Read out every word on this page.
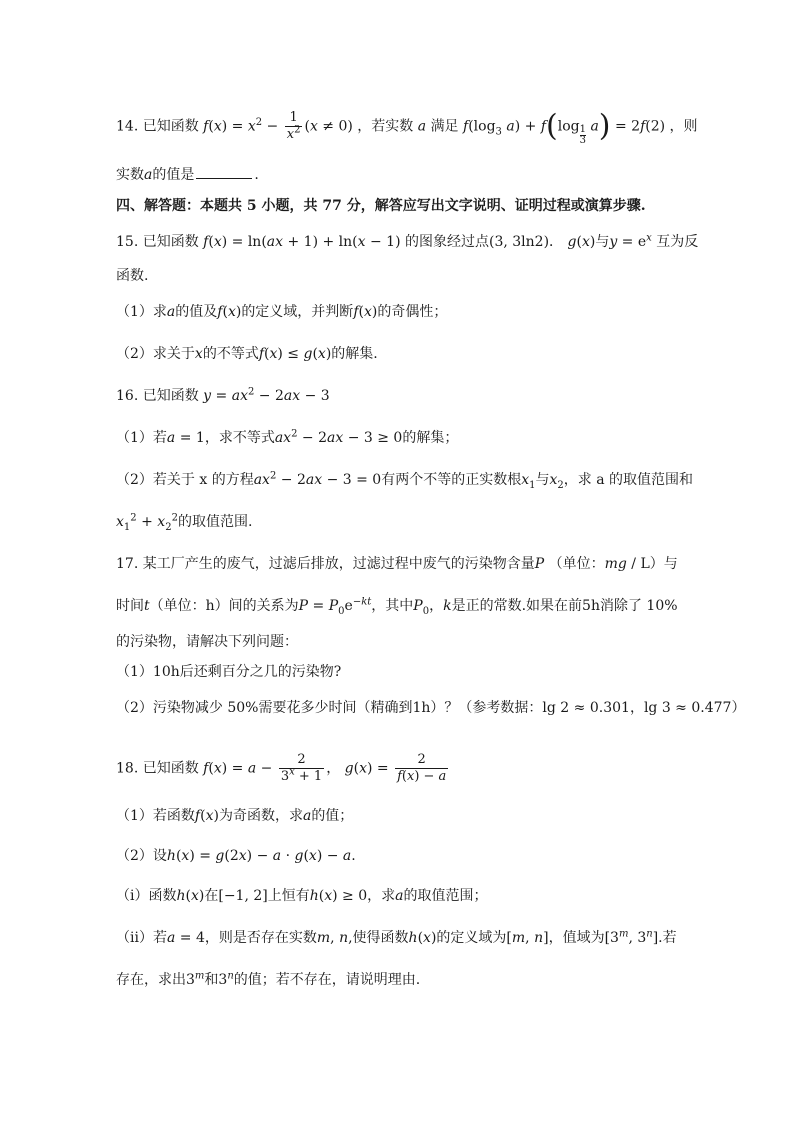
14. 已知函数 $f(x) = x^2 - \frac{1}{x^2} (x \ne 0)$ ，若实数 a 满足 $f(\log_3$ $a) + f(\log \frac{1}{3} a) = 2f(2)$ ，则
实数a的值是	.
四、解答题：本题共 5 小题，共 77 分，解答应写出文字说明、证明过程或演算步骤.
15. 已知函数 f(x) = ln(ax + 1) + ln(x − 1) 的图象经过点(3, 3ln2)． g(x)与$y = e^x$ 互为反
函数.
（1）求a的值及f(x)的定义域，并判断f(x)的奇偶性；
（2）求关于x的不等式f(x) ≤ g(x)的解集.
16. 已知函数 $y = ax^2 - 2ax - 3$
（1）若a = 1，求不等式$ax^2 - 2ax - 3 \ge 0$的解集；
（2）若关于 x 的方程$ax^2 - 2ax - 3 = 0$有两个不等的正实数根$x_1$与$x_2$，求 a 的取值范围和
$x_1^2 + x_2^2$的取值范围.
17. 某工厂产生的废气，过滤后排放，过滤过程中废气的污染物含量P （单位：mg / L）与
时间t（单位：h）间的关系为$P = P_0e^{-kt}$，其中$P_0$，k是正的常数.如果在前5h消除了 10%
的污染物，请解决下列问题：
（1）10h后还剩百分之几的污染物?
（2）污染物减少 50%需要花多少时间（精确到1h）？（参考数据：lg 2 ≈ 0.301，lg 3 ≈ 0.477）
18. 已知函数 $f(x) = a - \frac{2}{3^x + 1}$ ， $g(x) = \frac{2}{f(x) - a}$
（1）若函数f(x)为奇函数，求a的值；
（2）设h(x) = g(2x) − a · g(x) − a.
（i）函数h(x)在[−1, 2]上恒有h(x) ≥ 0，求a的取值范围；
（ii）若a = 4，则是否存在实数m, n,使得函数h(x)的定义域为[m, n]，值域为[3$^m$, 3$^n$].若
存在，求出3$^m$和3$^n$的值；若不存在，请说明理由.
